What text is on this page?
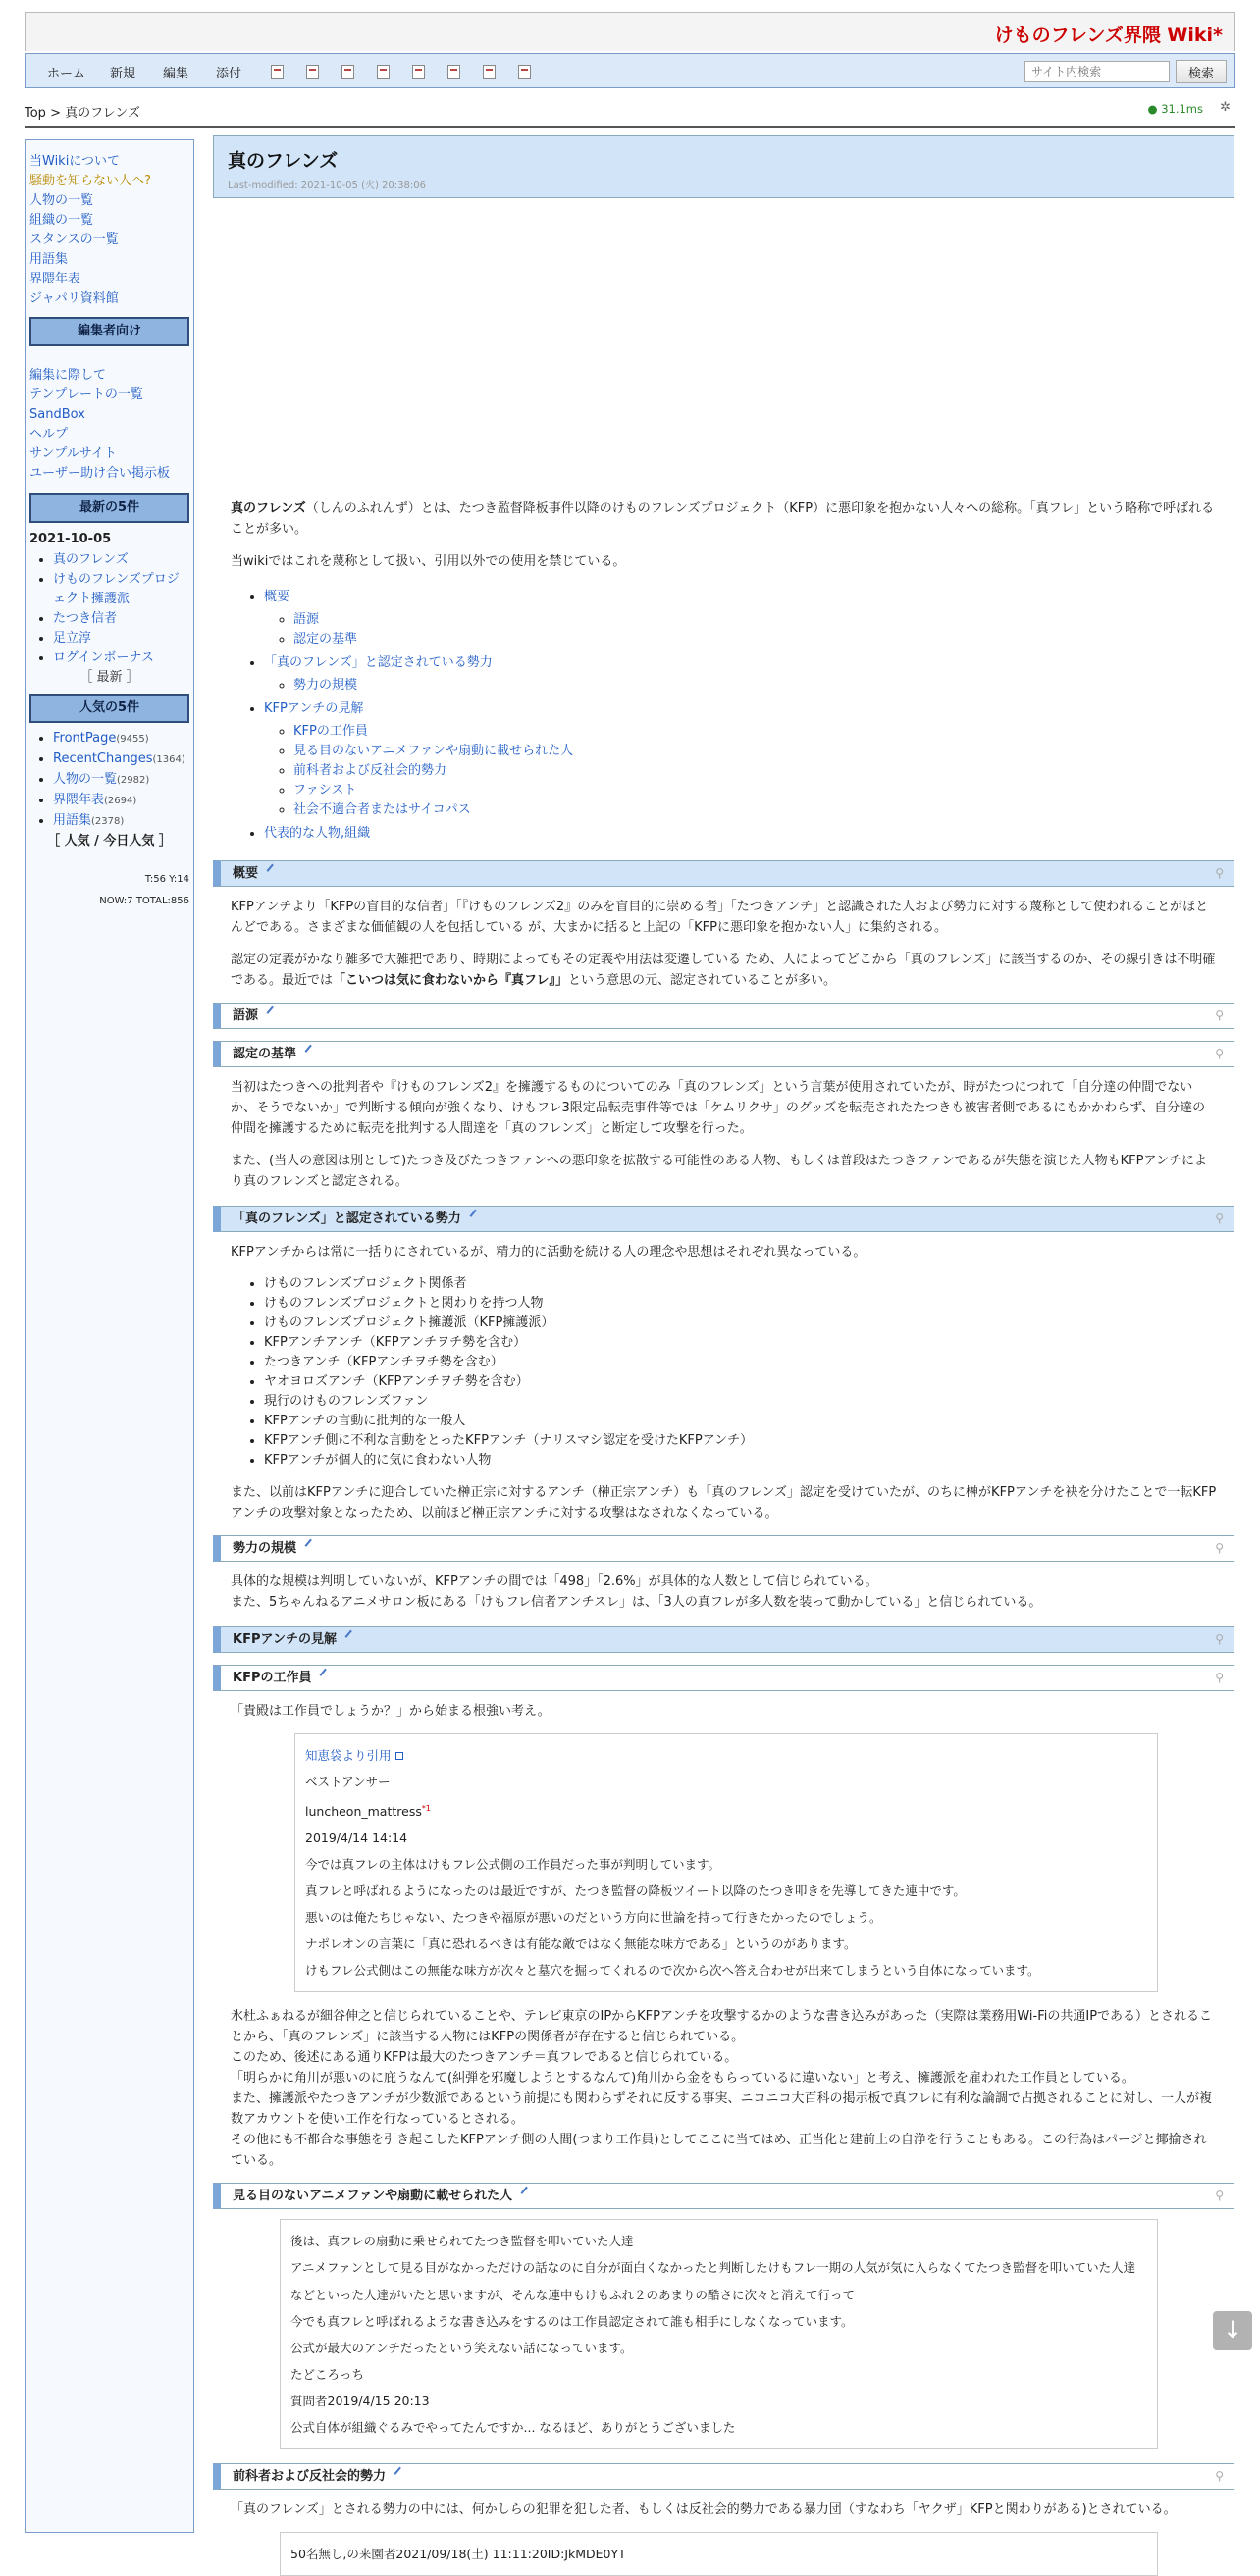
けものフレンズ界隈 Wiki*
ホーム 新規 編集 添付
サイト内検索	検索
Top > 真のフレンズ	● 31.1ms ✲
当Wikiについて
騒動を知らない人へ?
人物の一覧
組織の一覧
スタンスの一覧
用語集
界隈年表
ジャパリ資料館
編集者向け
編集に際して
テンプレートの一覧
SandBox
ヘルプ
サンプルサイト
ユーザー助け合い掲示板
最新の5件
2021-10-05
• 真のフレンズ
• けものフレンズプロジェクト擁護派
• たつき信者
• 足立淳
• ログインボーナス
［ 最新 ］
人気の5件
• FrontPage(9455)
• RecentChanges(1364)
• 人物の一覧(2982)
• 界隈年表(2694)
• 用語集(2378)
［ 人気 / 今日人気 ］
T:56 Y:14
NOW:7 TOTAL:856
真のフレンズ
Last-modified: 2021-10-05 (火) 20:38:06

真のフレンズ（しんのふれんず）とは、たつき監督降板事件以降のけものフレンズプロジェクト（KFP）に悪印象を抱かない人々への総称。「真フレ」という略称で呼ばれることが多い。

当wikiではこれを蔑称として扱い、引用以外での使用を禁じている。

• 概要
◦ 語源
◦ 認定の基準
• 「真のフレンズ」と認定されている勢力
◦ 勢力の規模
• KFPアンチの見解
◦ KFPの工作員
◦ 見る目のないアニメファンや扇動に載せられた人
◦ 前科者および反社会的勢力
◦ ファシスト
◦ 社会不適合者またはサイコパス
• 代表的な人物,組織
概要	⚲

KFPアンチより「KFPの盲目的な信者」「『けものフレンズ2』のみを盲目的に崇める者」「たつきアンチ」と認識された人および勢力に対する蔑称として使われることがほとんどである。さまざまな価値観の人を包括している が、大まかに括ると上記の「KFPに悪印象を抱かない人」に集約される。

認定の定義がかなり雑多で大雑把であり、時期によってもその定義や用法は変遷している ため、人によってどこから「真のフレンズ」に該当するのか、その線引きは不明確である。最近では「こいつは気に食わないから『真フレ』」という意思の元、認定されていることが多い。

語源	⚲
認定の基準	⚲

当初はたつきへの批判者や『けものフレンズ2』を擁護するものについてのみ「真のフレンズ」という言葉が使用されていたが、時がたつにつれて「自分達の仲間でないか、そうでないか」で判断する傾向が強くなり、けもフレ3限定品転売事件等では「ケムリクサ」のグッズを転売されたたつきも被害者側であるにもかかわらず、自分達の仲間を擁護するために転売を批判する人間達を「真のフレンズ」と断定して攻撃を行った。

また、(当人の意図は別として)たつき及びたつきファンへの悪印象を拡散する可能性のある人物、もしくは普段はたつきファンであるが失態を演じた人物もKFPアンチにより真のフレンズと認定される。

「真のフレンズ」と認定されている勢力	⚲

KFPアンチからは常に一括りにされているが、精力的に活動を続ける人の理念や思想はそれぞれ異なっている。

• けものフレンズプロジェクト関係者
• けものフレンズプロジェクトと関わりを持つ人物
• けものフレンズプロジェクト擁護派（KFP擁護派）
• KFPアンチアンチ（KFPアンチヲチ勢を含む）
• たつきアンチ（KFPアンチヲチ勢を含む）
• ヤオヨロズアンチ（KFPアンチヲチ勢を含む）
• 現行のけものフレンズファン
• KFPアンチの言動に批判的な一般人
• KFPアンチ側に不利な言動をとったKFPアンチ（ナリスマシ認定を受けたKFPアンチ）
• KFPアンチが個人的に気に食わない人物

また、以前はKFPアンチに迎合していた榊正宗に対するアンチ（榊正宗アンチ）も「真のフレンズ」認定を受けていたが、のちに榊がKFPアンチを袂を分けたことで一転KFPアンチの攻撃対象となったため、以前ほど榊正宗アンチに対する攻撃はなされなくなっている。

勢力の規模	⚲

具体的な規模は判明していないが、KFPアンチの間では「498」「2.6%」が具体的な人数として信じられている。
また、5ちゃんねるアニメサロン板にある「けもフレ信者アンチスレ」は、「3人の真フレが多人数を装って動かしている」と信じられている。

KFPアンチの見解	⚲
KFPの工作員	⚲

「貴殿は工作員でしょうか？」から始まる根強い考え。

知恵袋より引用
ベストアンサー
luncheon_mattress$^{*1}$
2019/4/14 14:14
今では真フレの主体はけもフレ公式側の工作員だった事が判明しています。
真フレと呼ばれるようになったのは最近ですが、たつき監督の降板ツイート以降のたつき叩きを先導してきた連中です。
悪いのは俺たちじゃない、たつきや福原が悪いのだという方向に世論を持って行きたかったのでしょう。
ナポレオンの言葉に「真に恐れるべきは有能な敵ではなく無能な味方である」というのがあります。
けもフレ公式側はこの無能な味方が次々と墓穴を掘ってくれるので次から次へ答え合わせが出来てしまうという自体になっています。

氷杜ふぁねるが細谷伸之と信じられていることや、テレビ東京のIPからKFPアンチを攻撃するかのような書き込みがあった（実際は業務用Wi-Fiの共通IPである）とされることから、「真のフレンズ」に該当する人物にはKFPの関係者が存在すると信じられている。
このため、後述にある通りKFPは最大のたつきアンチ＝真フレであると信じられている。
「明らかに角川が悪いのに庇うなんて(糾弾を邪魔しようとするなんて)角川から金をもらっているに違いない」と考え、擁護派を雇われた工作員としている。
また、擁護派やたつきアンチが少数派であるという前提にも関わらずそれに反する事実、ニコニコ大百科の掲示板で真フレに有利な論調で占拠されることに対し、一人が複数アカウントを使い工作を行なっているとされる。
その他にも不都合な事態を引き起こしたKFPアンチ側の人間(つまり工作員)としてここに当てはめ、正当化と建前上の自浄を行うこともある。この行為はパージと揶揄されている。

見る目のないアニメファンや扇動に載せられた人	⚲
後は、真フレの扇動に乗せられてたつき監督を叩いていた人達
アニメファンとして見る目がなかっただけの話なのに自分が面白くなかったと判断したけもフレ一期の人気が気に入らなくてたつき監督を叩いていた人達
などといった人達がいたと思いますが、そんな連中もけもふれ２のあまりの酷さに次々と消えて行って
今でも真フレと呼ばれるような書き込みをするのは工作員認定されて誰も相手にしなくなっています。
公式が最大のアンチだったという笑えない話になっています。
たどころっち
質問者2019/4/15 20:13
公式自体が組織ぐるみでやってたんですか... なるほど、ありがとうございました
前科者および反社会的勢力	⚲

「真のフレンズ」とされる勢力の中には、何かしらの犯罪を犯した者、もしくは反社会的勢力である暴力団（すなわち「ヤクザ」KFPと関わりがある)とされている。

50名無し,の来園者2021/09/18(土) 11:11:20ID:JkMDE0YT
↓
